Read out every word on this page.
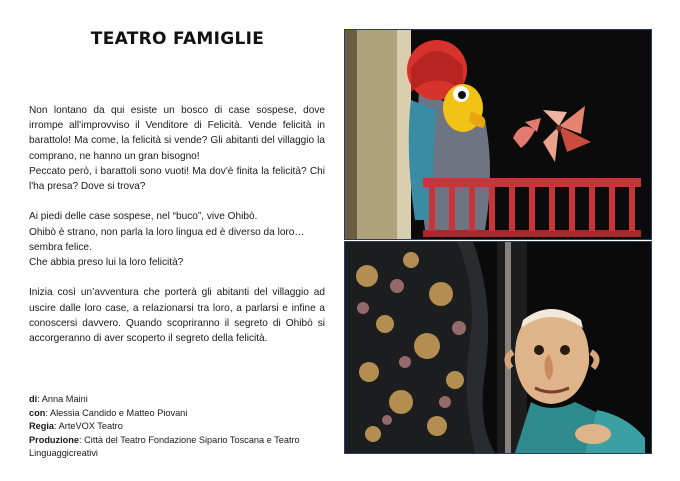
TEATRO FAMIGLIE

Non lontano da qui esiste un bosco di case sospese, dove irrompe all'improvviso il Venditore di Felicità. Vende felicità in barattolo! Ma come, la felicità si vende? Gli abitanti del villaggio la comprano, ne hanno un gran bisogno!
Peccato però, i barattoli sono vuoti! Ma dov'è finita la felicità? Chi l'ha presa? Dove si trova?

Ai piedi delle case sospese, nel “buco”, vive Ohibò.
Ohibò è strano, non parla la loro lingua ed è diverso da loro… sembra felice.
Che abbia preso lui la loro felicità?

Inizia così un’avventura che porterà gli abitanti del villaggio ad uscire dalle loro case, a relazionarsi tra loro, a parlarsi e infine a conoscersi davvero. Quando scopriranno il segreto di Ohibò si accorgeranno di aver scoperto il segreto della felicità.

di: Anna Maini
con: Alessia Candido e Matteo Piovani
Regia: ArteVOX Teatro
Produzione: Città del Teatro Fondazione Sipario Toscana e Teatro Linguaggicreativi
